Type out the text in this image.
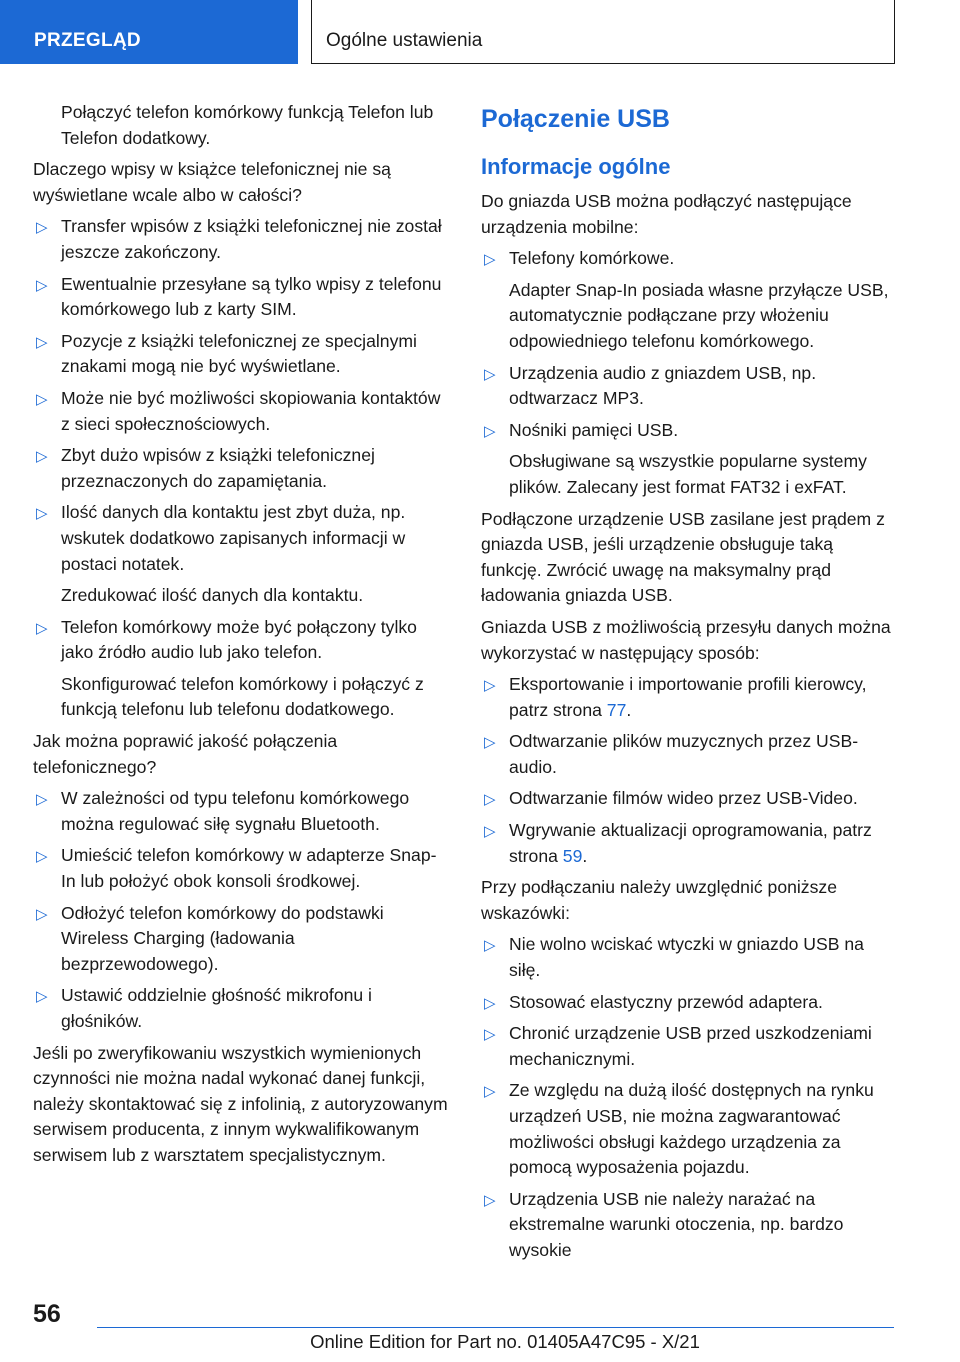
PRZEGLĄD	Ogólne ustawienia

Połączyć telefon komórkowy funkcją Telefon lub Telefon dodatkowy.

Dlaczego wpisy w książce telefonicznej nie są wyświetlane wcale albo w całości?

▷ Transfer wpisów z książki telefonicznej nie został jeszcze zakończony.
▷ Ewentualnie przesyłane są tylko wpisy z telefonu komórkowego lub z karty SIM.
▷ Pozycje z książki telefonicznej ze specjalnymi znakami mogą nie być wyświetlane.
▷ Może nie być możliwości skopiowania kontaktów z sieci społecznościowych.
▷ Zbyt dużo wpisów z książki telefonicznej przeznaczonych do zapamiętania.
▷ Ilość danych dla kontaktu jest zbyt duża, np. wskutek dodatkowo zapisanych informacji w postaci notatek.

Zredukować ilość danych dla kontaktu.

▷ Telefon komórkowy może być połączony tylko jako źródło audio lub jako telefon.

Skonfigurować telefon komórkowy i połączyć z funkcją telefonu lub telefonu dodatkowego.

Jak można poprawić jakość połączenia telefonicznego?

▷ W zależności od typu telefonu komórkowego można regulować siłę sygnału Bluetooth.
▷ Umieścić telefon komórkowy w adapterze Snap-In lub położyć obok konsoli środkowej.
▷ Odłożyć telefon komórkowy do podstawki Wireless Charging (ładowania bezprzewodowego).
▷ Ustawić oddzielnie głośność mikrofonu i głośników.

Jeśli po zweryfikowaniu wszystkich wymienionych czynności nie można nadal wykonać danej funkcji, należy skontaktować się z infolinią, z autoryzowanym serwisem producenta, z innym wykwalifikowanym serwisem lub z warsztatem specjalistycznym.

Połączenie USB
Informacje ogólne

Do gniazda USB można podłączyć następujące urządzenia mobilne:

▷ Telefony komórkowe.

Adapter Snap-In posiada własne przyłącze USB, automatycznie podłączane przy włożeniu odpowiedniego telefonu komórkowego.

▷ Urządzenia audio z gniazdem USB, np. odtwarzacz MP3.
▷ Nośniki pamięci USB.

Obsługiwane są wszystkie popularne systemy plików. Zalecany jest format FAT32 i exFAT.

Podłączone urządzenie USB zasilane jest prądem z gniazda USB, jeśli urządzenie obsługuje taką funkcję. Zwrócić uwagę na maksymalny prąd ładowania gniazda USB.

Gniazda USB z możliwością przesyłu danych można wykorzystać w następujący sposób:

▷ Eksportowanie i importowanie profili kierowcy, patrz strona 77.
▷ Odtwarzanie plików muzycznych przez USB-audio.
▷ Odtwarzanie filmów wideo przez USB-Video.
▷ Wgrywanie aktualizacji oprogramowania, patrz strona 59.

Przy podłączaniu należy uwzględnić poniższe wskazówki:

▷ Nie wolno wciskać wtyczki w gniazdo USB na siłę.
▷ Stosować elastyczny przewód adaptera.
▷ Chronić urządzenie USB przed uszkodzeniami mechanicznymi.
▷ Ze względu na dużą ilość dostępnych na rynku urządzeń USB, nie można zagwarantować możliwości obsługi każdego urządzenia za pomocą wyposażenia pojazdu.
▷ Urządzenia USB nie należy narażać na ekstremalne warunki otoczenia, np. bardzo wysokie
56
Online Edition for Part no. 01405A47C95 - X/21
